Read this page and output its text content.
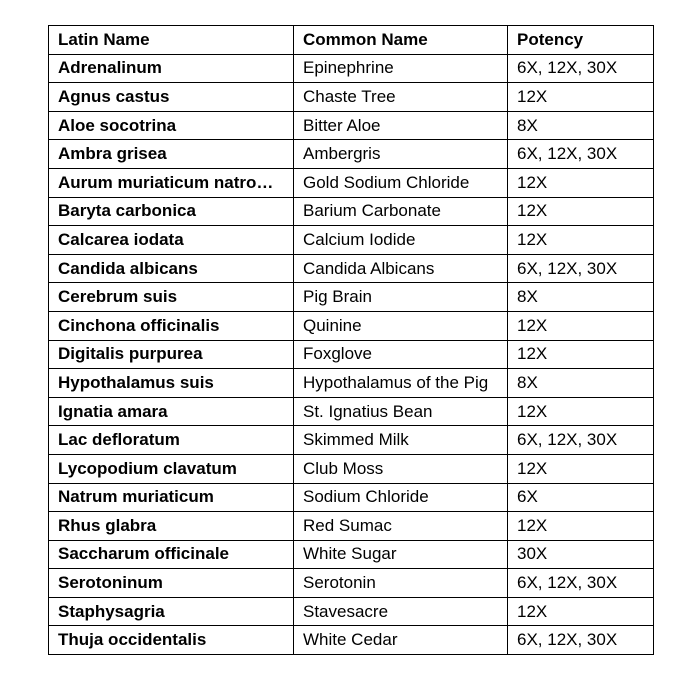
Latin Name	Common Name	Potency
Adrenalinum	Epinephrine	6X, 12X, 30X
Agnus castus	Chaste Tree	12X
Aloe socotrina	Bitter Aloe	8X
Ambra grisea	Ambergris	6X, 12X, 30X
Aurum muriaticum natro…	Gold Sodium Chloride	12X
Baryta carbonica	Barium Carbonate	12X
Calcarea iodata	Calcium Iodide	12X
Candida albicans	Candida Albicans	6X, 12X, 30X
Cerebrum suis	Pig Brain	8X
Cinchona officinalis	Quinine	12X
Digitalis purpurea	Foxglove	12X
Hypothalamus suis	Hypothalamus of the Pig	8X
Ignatia amara	St. Ignatius Bean	12X
Lac defloratum	Skimmed Milk	6X, 12X, 30X
Lycopodium clavatum	Club Moss	12X
Natrum muriaticum	Sodium Chloride	6X
Rhus glabra	Red Sumac	12X
Saccharum officinale	White Sugar	30X
Serotoninum	Serotonin	6X, 12X, 30X
Staphysagria	Stavesacre	12X
Thuja occidentalis	White Cedar	6X, 12X, 30X
